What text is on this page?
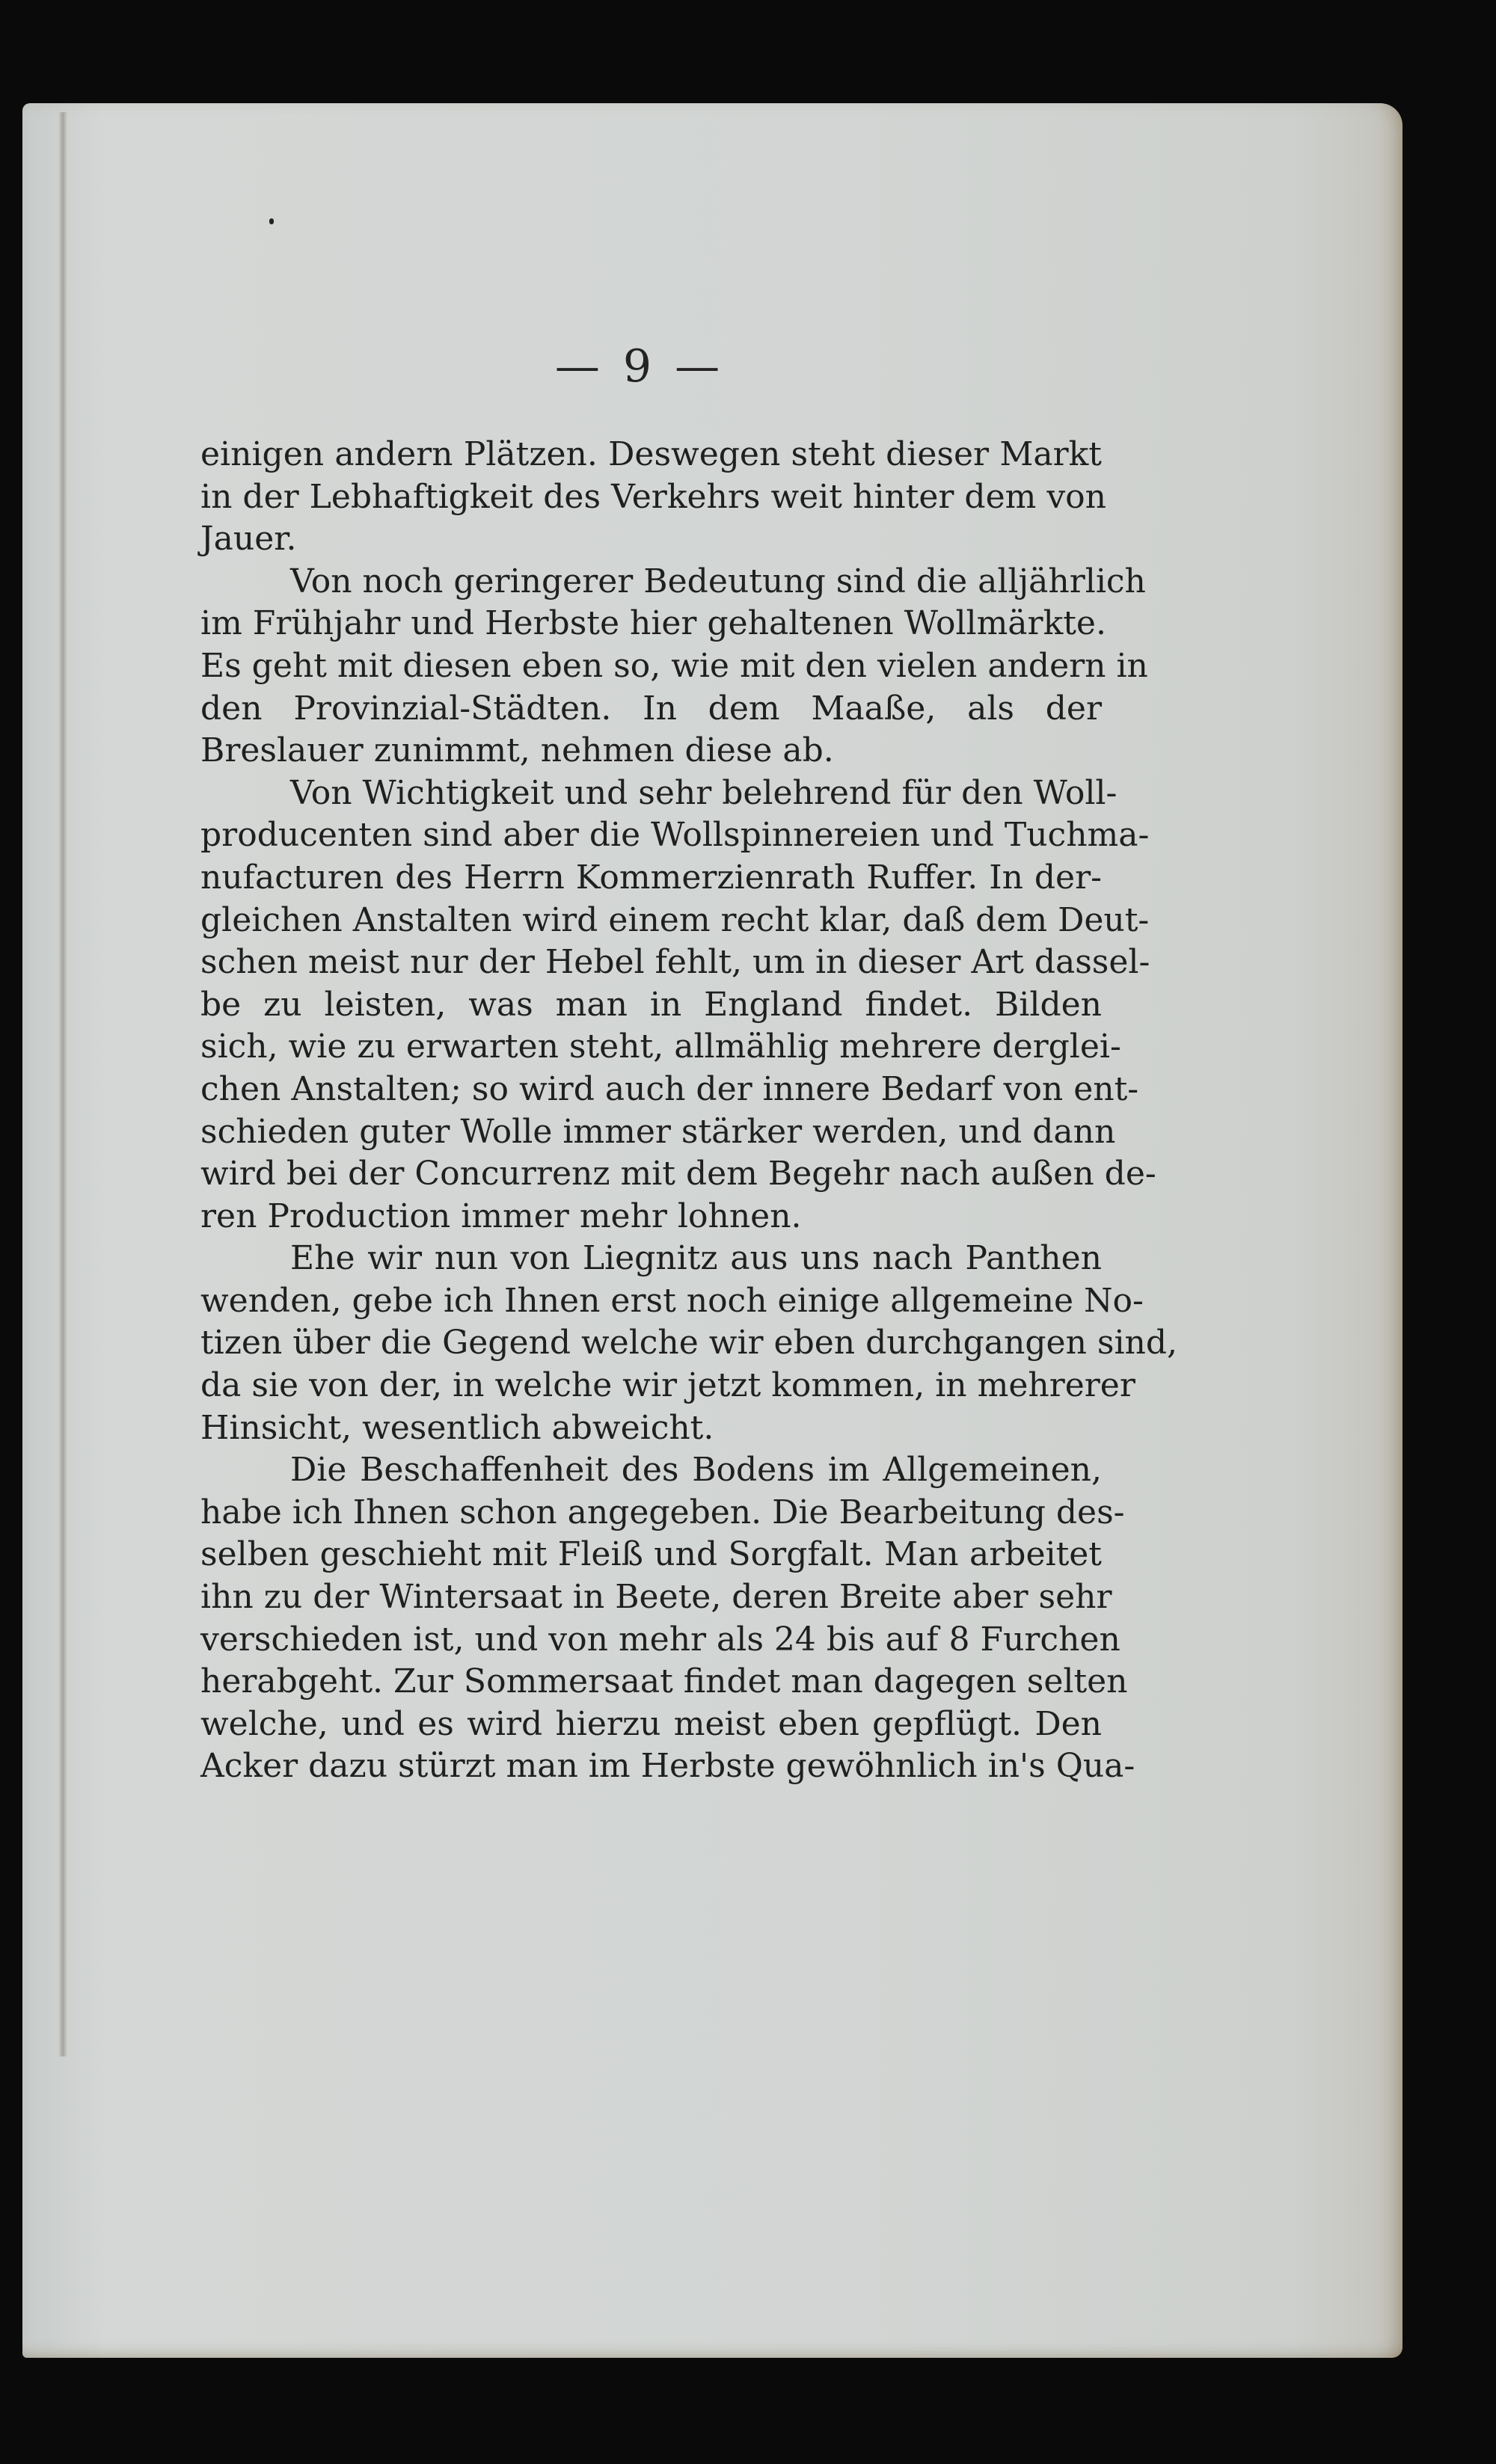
— 9 —
einigen andern Plätzen. Deswegen steht dieser Markt
in der Lebhaftigkeit des Verkehrs weit hinter dem von
Jauer.
Von noch geringerer Bedeutung sind die alljährlich
im Frühjahr und Herbste hier gehaltenen Wollmärkte.
Es geht mit diesen eben so, wie mit den vielen andern in
den Provinzial-Städten. In dem Maaße, als der
Breslauer zunimmt, nehmen diese ab.
Von Wichtigkeit und sehr belehrend für den Woll-
producenten sind aber die Wollspinnereien und Tuchma-
nufacturen des Herrn Kommerzienrath Ruffer. In der-
gleichen Anstalten wird einem recht klar, daß dem Deut-
schen meist nur der Hebel fehlt, um in dieser Art dassel-
be zu leisten, was man in England findet. Bilden
sich, wie zu erwarten steht, allmählig mehrere derglei-
chen Anstalten; so wird auch der innere Bedarf von ent-
schieden guter Wolle immer stärker werden, und dann
wird bei der Concurrenz mit dem Begehr nach außen de-
ren Production immer mehr lohnen.
Ehe wir nun von Liegnitz aus uns nach Panthen
wenden, gebe ich Ihnen erst noch einige allgemeine No-
tizen über die Gegend welche wir eben durchgangen sind,
da sie von der, in welche wir jetzt kommen, in mehrerer
Hinsicht, wesentlich abweicht.
Die Beschaffenheit des Bodens im Allgemeinen,
habe ich Ihnen schon angegeben. Die Bearbeitung des-
selben geschieht mit Fleiß und Sorgfalt. Man arbeitet
ihn zu der Wintersaat in Beete, deren Breite aber sehr
verschieden ist, und von mehr als 24 bis auf 8 Furchen
herabgeht. Zur Sommersaat findet man dagegen selten
welche, und es wird hierzu meist eben gepflügt. Den
Acker dazu stürzt man im Herbste gewöhnlich in's Qua-
